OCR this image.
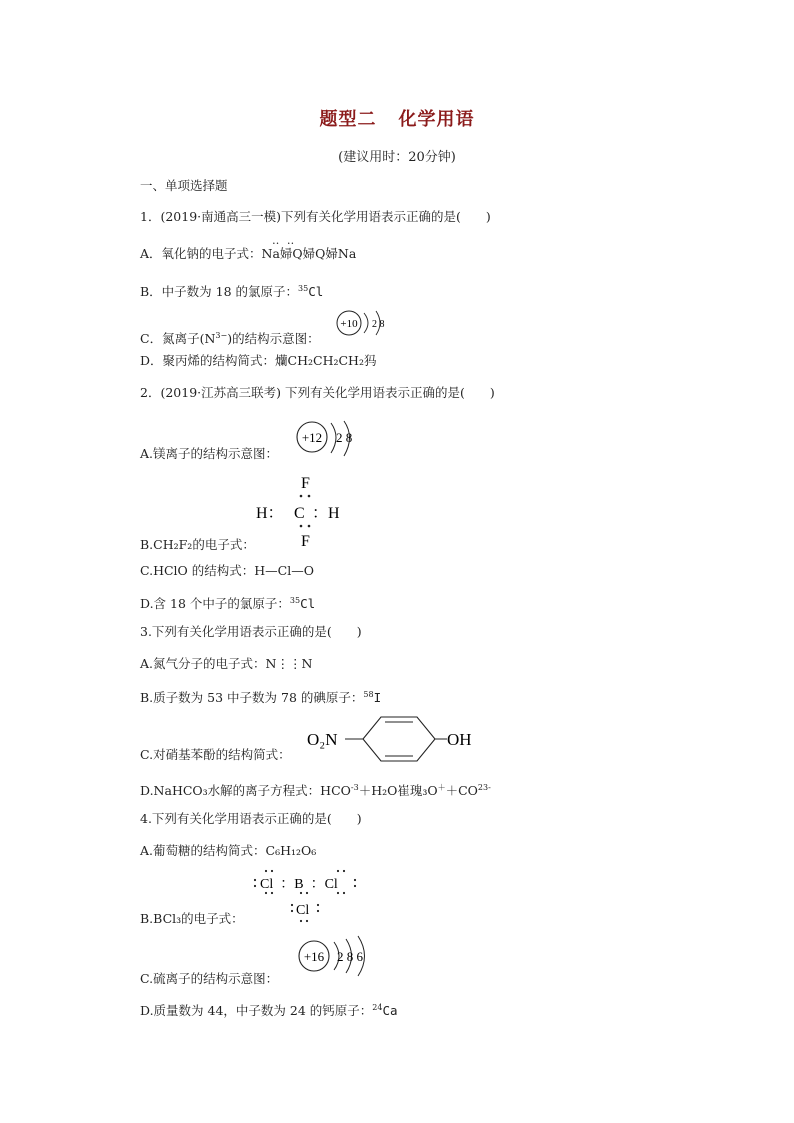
题型二 化学用语
(建议用时：20分钟)
一、单项选择题
1．(2019·南通高三一模)下列有关化学用语表示正确的是(　　)
‥ ‥
A．氧化钠的电子式：Na婦Q婦Q婦Na
B．中子数为 18 的氯原子：$^{35}$Cl
C．氮离子$(N^{3-})$的结构示意图：
+10 2 8
D．聚丙烯的结构简式：爤CH₂CH₂CH₂犸
2．(2019·江苏高三联考) 下列有关化学用语表示正确的是(　　)
+12 2 8
A.镁离子的结构示意图：
F
H： C ：H
F
B.CH₂F₂的电子式：
C.HClO 的结构式：H—Cl—O
D.含 18 个中子的氯原子：$^{35}$Cl
3.下列有关化学用语表示正确的是(　　)
A.氮气分子的电子式：N⋮⋮N
B.质子数为 53 中子数为 78 的碘原子：$^{58}$I
O₂N	OH
C.对硝基苯酚的结构简式：
D.NaHCO₃水解的离子方程式：$HCO^{-3}+H_2O$崔瑰$_3O^++CO^{23-}$
4.下列有关化学用语表示正确的是(　　)
A.葡萄糖的结构简式：C₆H₁₂O₆
Cl  ：B  ：Cl
Cl
B.BCl₃的电子式：
+16 2 8 6
C.硫离子的结构示意图：
D.质量数为 44，中子数为 24 的钙原子：$^{24}$Ca
